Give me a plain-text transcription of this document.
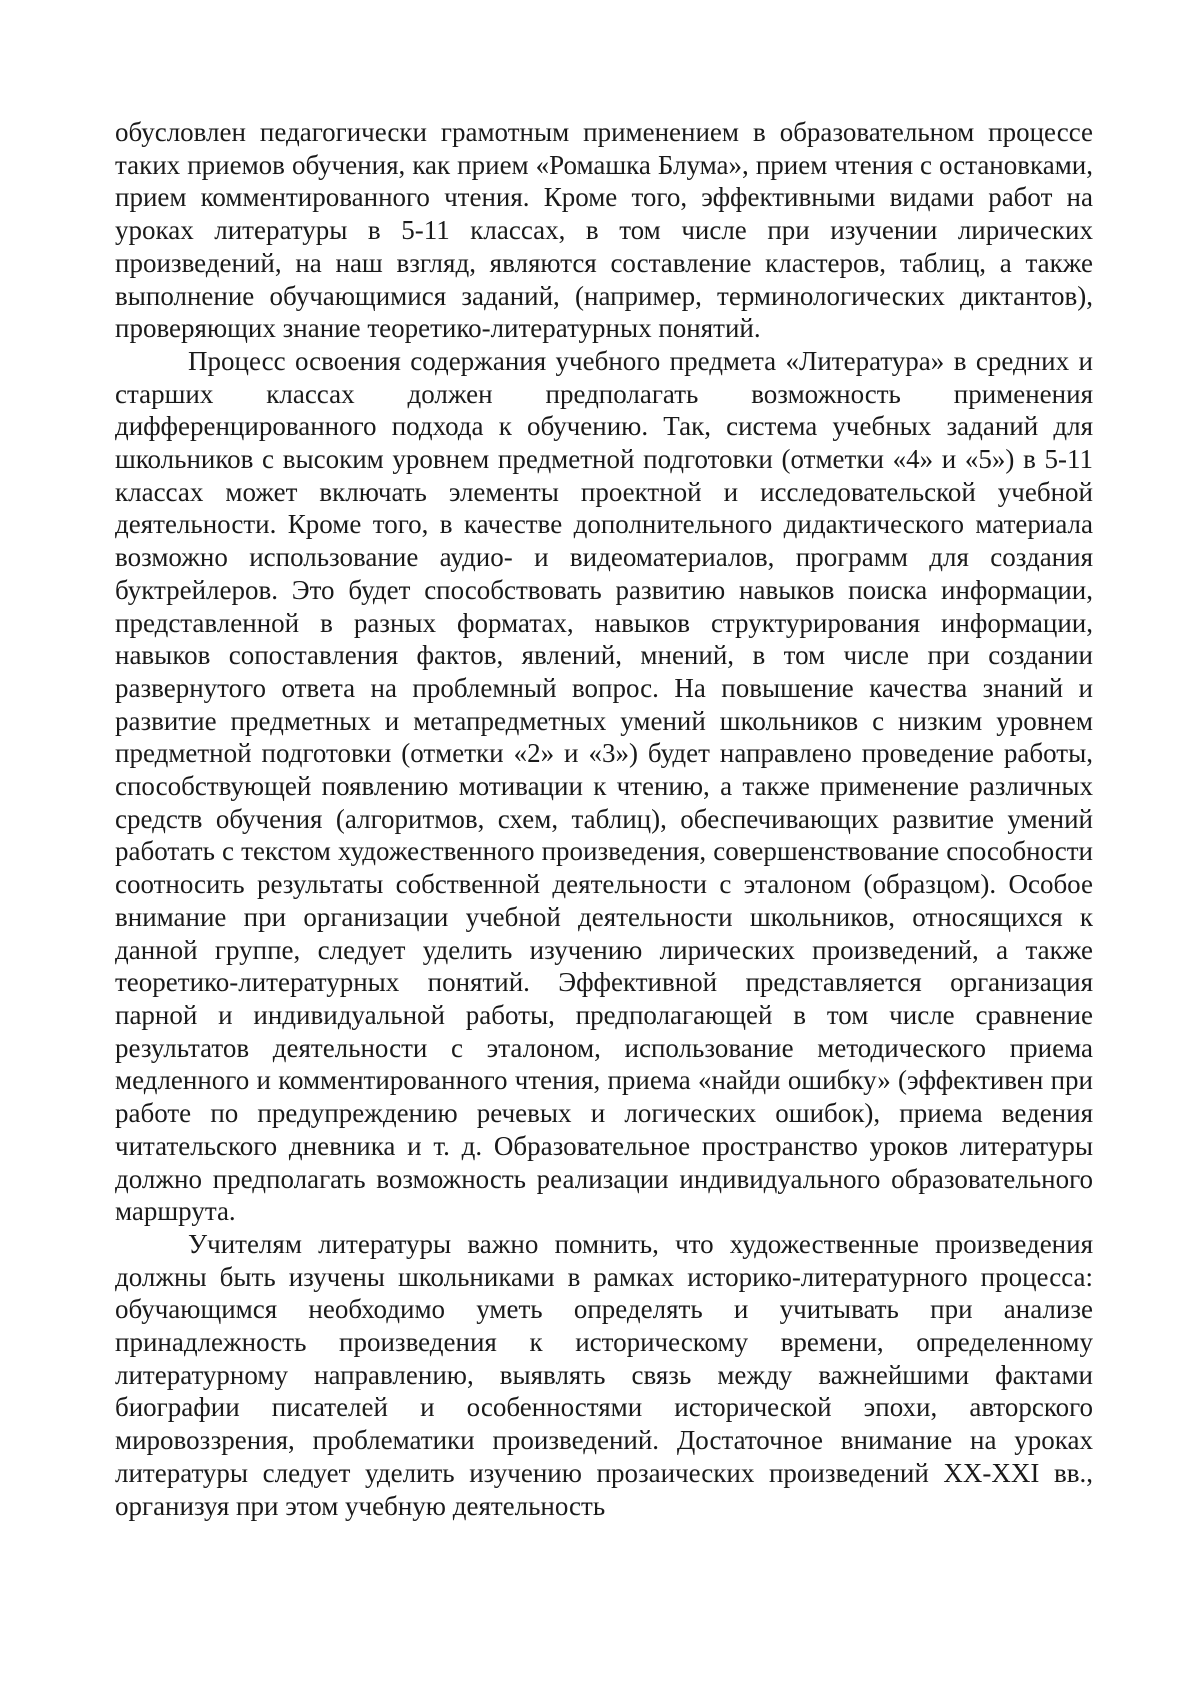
обусловлен педагогически грамотным применением в образовательном процессе таких приемов обучения, как прием «Ромашка Блума», прием чтения с остановками, прием комментированного чтения. Кроме того, эффективными видами работ на уроках литературы в 5-11 классах, в том числе при изучении лирических произведений, на наш взгляд, являются составление кластеров, таблиц, а также выполнение обучающимися заданий, (например, терминологических диктантов), проверяющих знание теоретико-литературных понятий.

Процесс освоения содержания учебного предмета «Литература» в средних и старших классах должен предполагать возможность применения дифференцированного подхода к обучению. Так, система учебных заданий для школьников с высоким уровнем предметной подготовки (отметки «4» и «5») в 5-11 классах может включать элементы проектной и исследовательской учебной деятельности. Кроме того, в качестве дополнительного дидактического материала возможно использование аудио- и видеоматериалов, программ для создания буктрейлеров. Это будет способствовать развитию навыков поиска информации, представленной в разных форматах, навыков структурирования информации, навыков сопоставления фактов, явлений, мнений, в том числе при создании развернутого ответа на проблемный вопрос. На повышение качества знаний и развитие предметных и метапредметных умений школьников с низким уровнем предметной подготовки (отметки «2» и «3») будет направлено проведение работы, способствующей появлению мотивации к чтению, а также применение различных средств обучения (алгоритмов, схем, таблиц), обеспечивающих развитие умений работать с текстом художественного произведения, совершенствование способности соотносить результаты собственной деятельности с эталоном (образцом). Особое внимание при организации учебной деятельности школьников, относящихся к данной группе, следует уделить изучению лирических произведений, а также теоретико-литературных понятий. Эффективной представляется организация парной и индивидуальной работы, предполагающей в том числе сравнение результатов деятельности с эталоном, использование методического приема медленного и комментированного чтения, приема «найди ошибку» (эффективен при работе по предупреждению речевых и логических ошибок), приема ведения читательского дневника и т. д. Образовательное пространство уроков литературы должно предполагать возможность реализации индивидуального образовательного маршрута.

Учителям литературы важно помнить, что художественные произведения должны быть изучены школьниками в рамках историко-литературного процесса: обучающимся необходимо уметь определять и учитывать при анализе принадлежность произведения к историческому времени, определенному литературному направлению, выявлять связь между важнейшими фактами биографии писателей и особенностями исторической эпохи, авторского мировоззрения, проблематики произведений. Достаточное внимание на уроках литературы следует уделить изучению прозаических произведений XX-XXI вв., организуя при этом учебную деятельность
